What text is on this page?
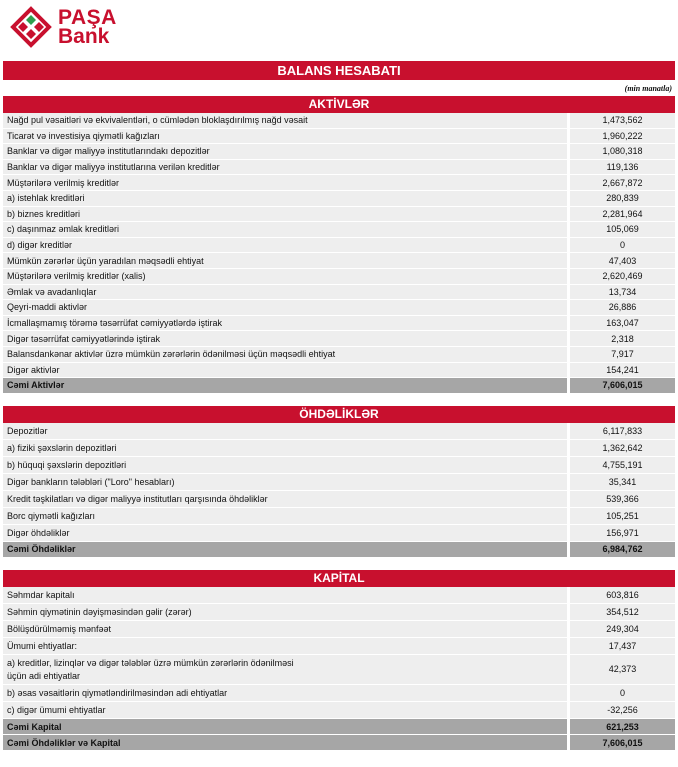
PAŞA
Bank
BALANS HESABATI
(min manatla)
AKTİVLƏR
Nağd pul vəsaitləri və ekvivalentləri, o cümlədən bloklaşdırılmış nağd vəsait	1,473,562
Ticarət və investisiya qiymətli kağızları	1,960,222
Banklar və digər maliyyə institutlarındakı depozitlər	1,080,318
Banklar və digər maliyyə institutlarına verilən kreditlər	119,136
Müştərilərə verilmiş kreditlər	2,667,872
a) istehlak kreditləri	280,839
b) biznes kreditləri	2,281,964
c) daşınmaz əmlak kreditləri	105,069
d) digər kreditlər	0
Mümkün zərərlər üçün yaradılan məqsədli ehtiyat	47,403
Müştərilərə verilmiş kreditlər (xalis)	2,620,469
Əmlak və avadanlıqlar	13,734
Qeyri-maddi aktivlər	26,886
İcmallaşmamış törəmə təsərrüfat cəmiyyətlərdə iştirak	163,047
Digər təsərrüfat cəmiyyətlərində iştirak	2,318
Balansdankənar aktivlər üzrə mümkün zərərlərin ödənilməsi üçün məqsədli ehtiyat	7,917
Digər aktivlər	154,241
Cəmi Aktivlər	7,606,015
ÖHDƏLİKLƏR
Depozitlər	6,117,833
a) fiziki şəxslərin depozitləri	1,362,642
b) hüquqi şəxslərin depozitləri	4,755,191
Digər bankların tələbləri ("Loro" hesabları)	35,341
Kredit təşkilatları və digər maliyyə institutları qarşısında öhdəliklər	539,366
Borc qiymətli kağızları	105,251
Digər öhdəliklər	156,971
Cəmi Öhdəliklər	6,984,762
KAPİTAL
Səhmdar kapitalı	603,816
Səhmin qiymətinin dəyişməsindən gəlir (zərər)	354,512
Bölüşdürülməmiş mənfəət	249,304
Ümumi ehtiyatlar:	17,437
a) kreditlər, lizinqlər və digər tələblər üzrə mümkün zərərlərin ödənilməsi üçün adi ehtiyatlar	42,373
b) əsas vəsaitlərin qiymətləndirilməsindən adi ehtiyatlar	0
c) digər ümumi ehtiyatlar	-32,256
Cəmi Kapital	621,253
Cəmi Öhdəliklər və Kapital	7,606,015
